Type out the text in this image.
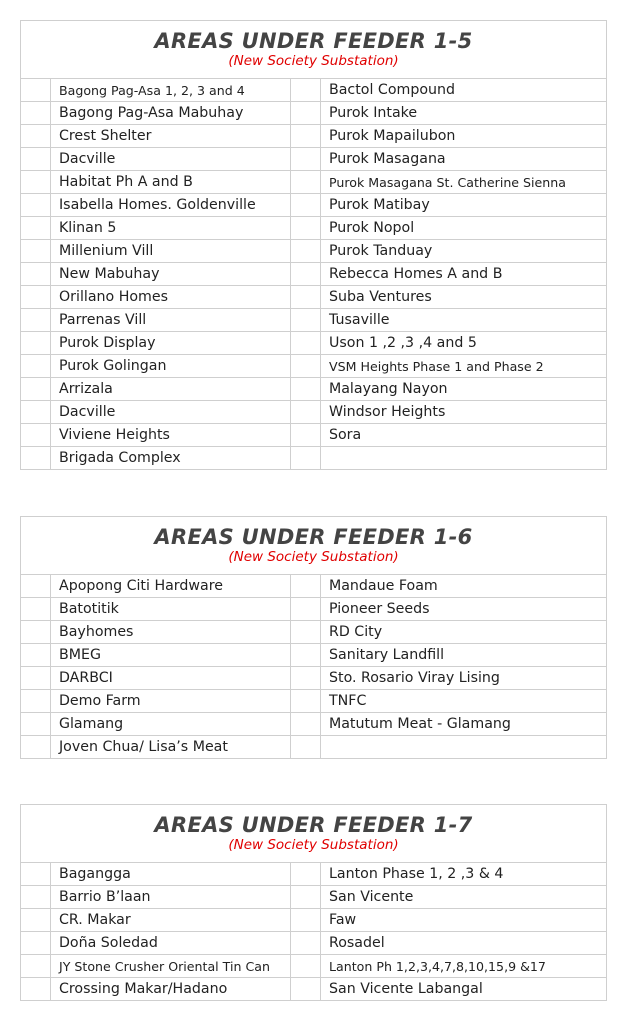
AREAS UNDER FEEDER 1-5
(New Society Substation)
	Bagong Pag-Asa 1, 2, 3 and 4		Bactol Compound
	Bagong Pag-Asa Mabuhay		Purok Intake
	Crest Shelter		Purok Mapailubon
	Dacville		Purok Masagana
	Habitat Ph A and B		Purok Masagana St. Catherine Sienna
	Isabella Homes. Goldenville		Purok Matibay
	Klinan 5		Purok Nopol
	Millenium Vill		Purok Tanduay
	New Mabuhay		Rebecca Homes A and B
	Orillano Homes		Suba Ventures
	Parrenas Vill		Tusaville
	Purok Display		Uson 1 ,2 ,3 ,4 and 5
	Purok Golingan		VSM Heights Phase 1 and Phase 2
	Arrizala		Malayang Nayon
	Dacville		Windsor Heights
	Viviene Heights		Sora
	Brigada Complex		
AREAS UNDER FEEDER 1-6
(New Society Substation)
	Apopong Citi Hardware		Mandaue Foam
	Batotitik		Pioneer Seeds
	Bayhomes		RD City
	BMEG		Sanitary Landfill
	DARBCI		Sto. Rosario Viray Lising
	Demo Farm		TNFC
	Glamang		Matutum Meat - Glamang
	Joven Chua/ Lisa’s Meat		
AREAS UNDER FEEDER 1-7
(New Society Substation)
	Bagangga		Lanton Phase 1, 2 ,3 & 4
	Barrio B’laan		San Vicente
	CR. Makar		Faw
	Doña Soledad		Rosadel
	JY Stone Crusher Oriental Tin Can		Lanton Ph 1,2,3,4,7,8,10,15,9 &17
	Crossing Makar/Hadano		San Vicente Labangal
